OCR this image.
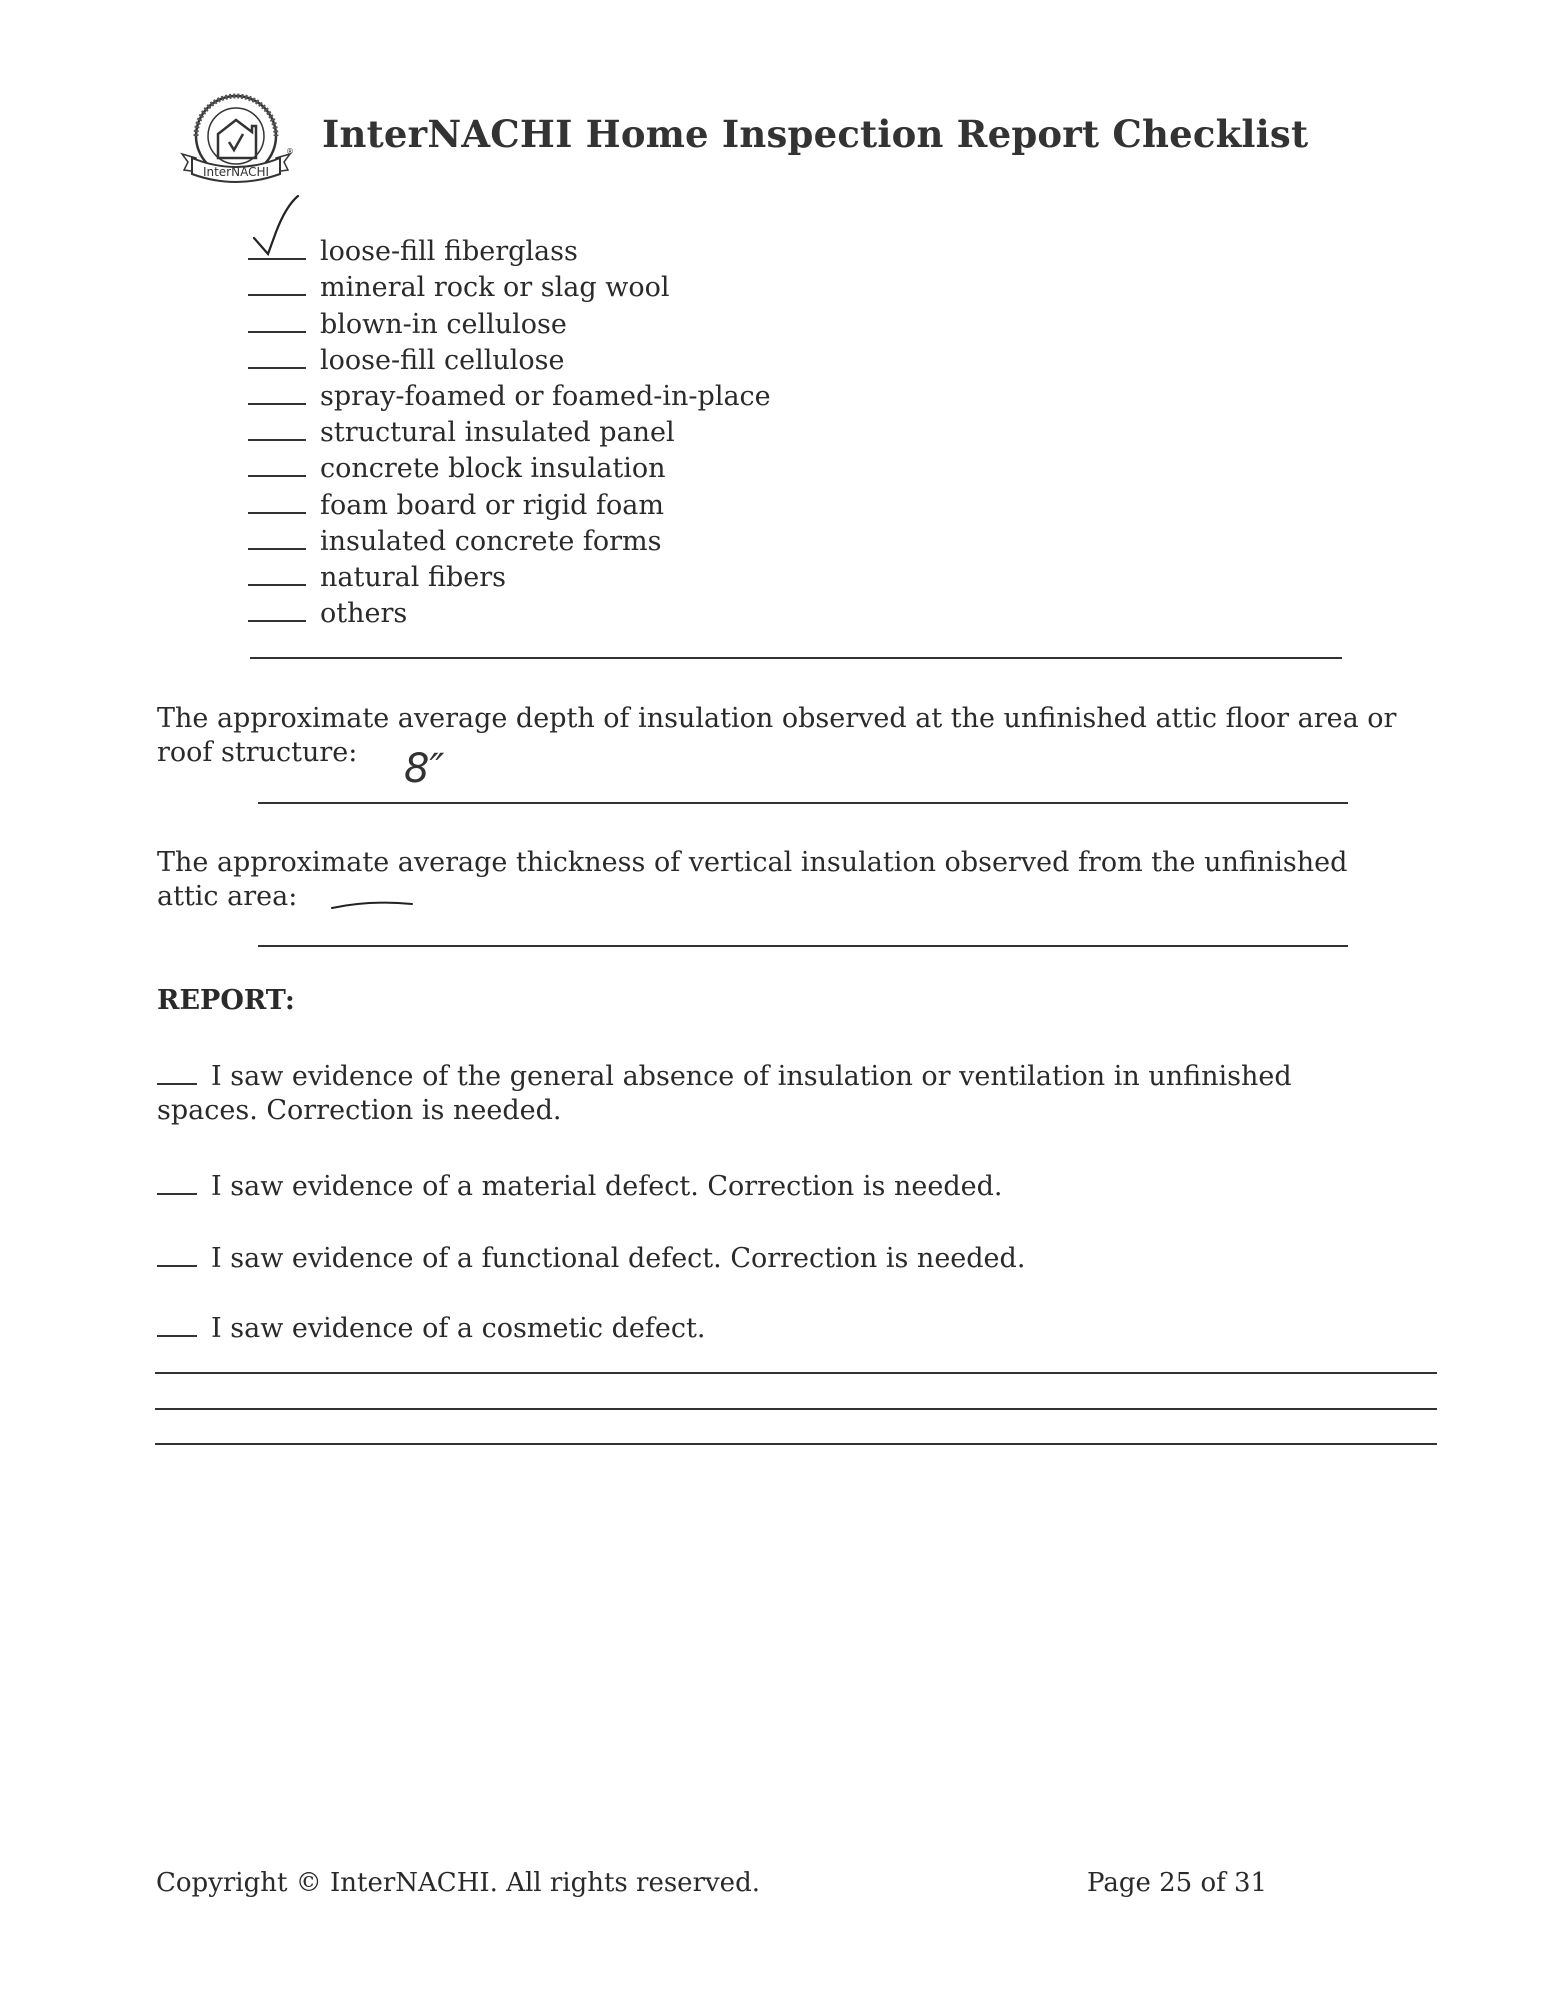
InterNACHI
® InterNACHI Home Inspection Report Checklist
loose-fill fiberglass
mineral rock or slag wool
blown-in cellulose
loose-fill cellulose
spray-foamed or foamed-in-place
structural insulated panel
concrete block insulation
foam board or rigid foam
insulated concrete forms
natural fibers
others
The approximate average depth of insulation observed at the unfinished attic floor area or roof structure:	8″
The approximate average thickness of vertical insulation observed from the unfinished attic area:
REPORT:
I saw evidence of the general absence of insulation or ventilation in unfinished spaces. Correction is needed.
I saw evidence of a material defect. Correction is needed.
I saw evidence of a functional defect. Correction is needed.
I saw evidence of a cosmetic defect.
Copyright © InterNACHI. All rights reserved.	Page 25 of 31
